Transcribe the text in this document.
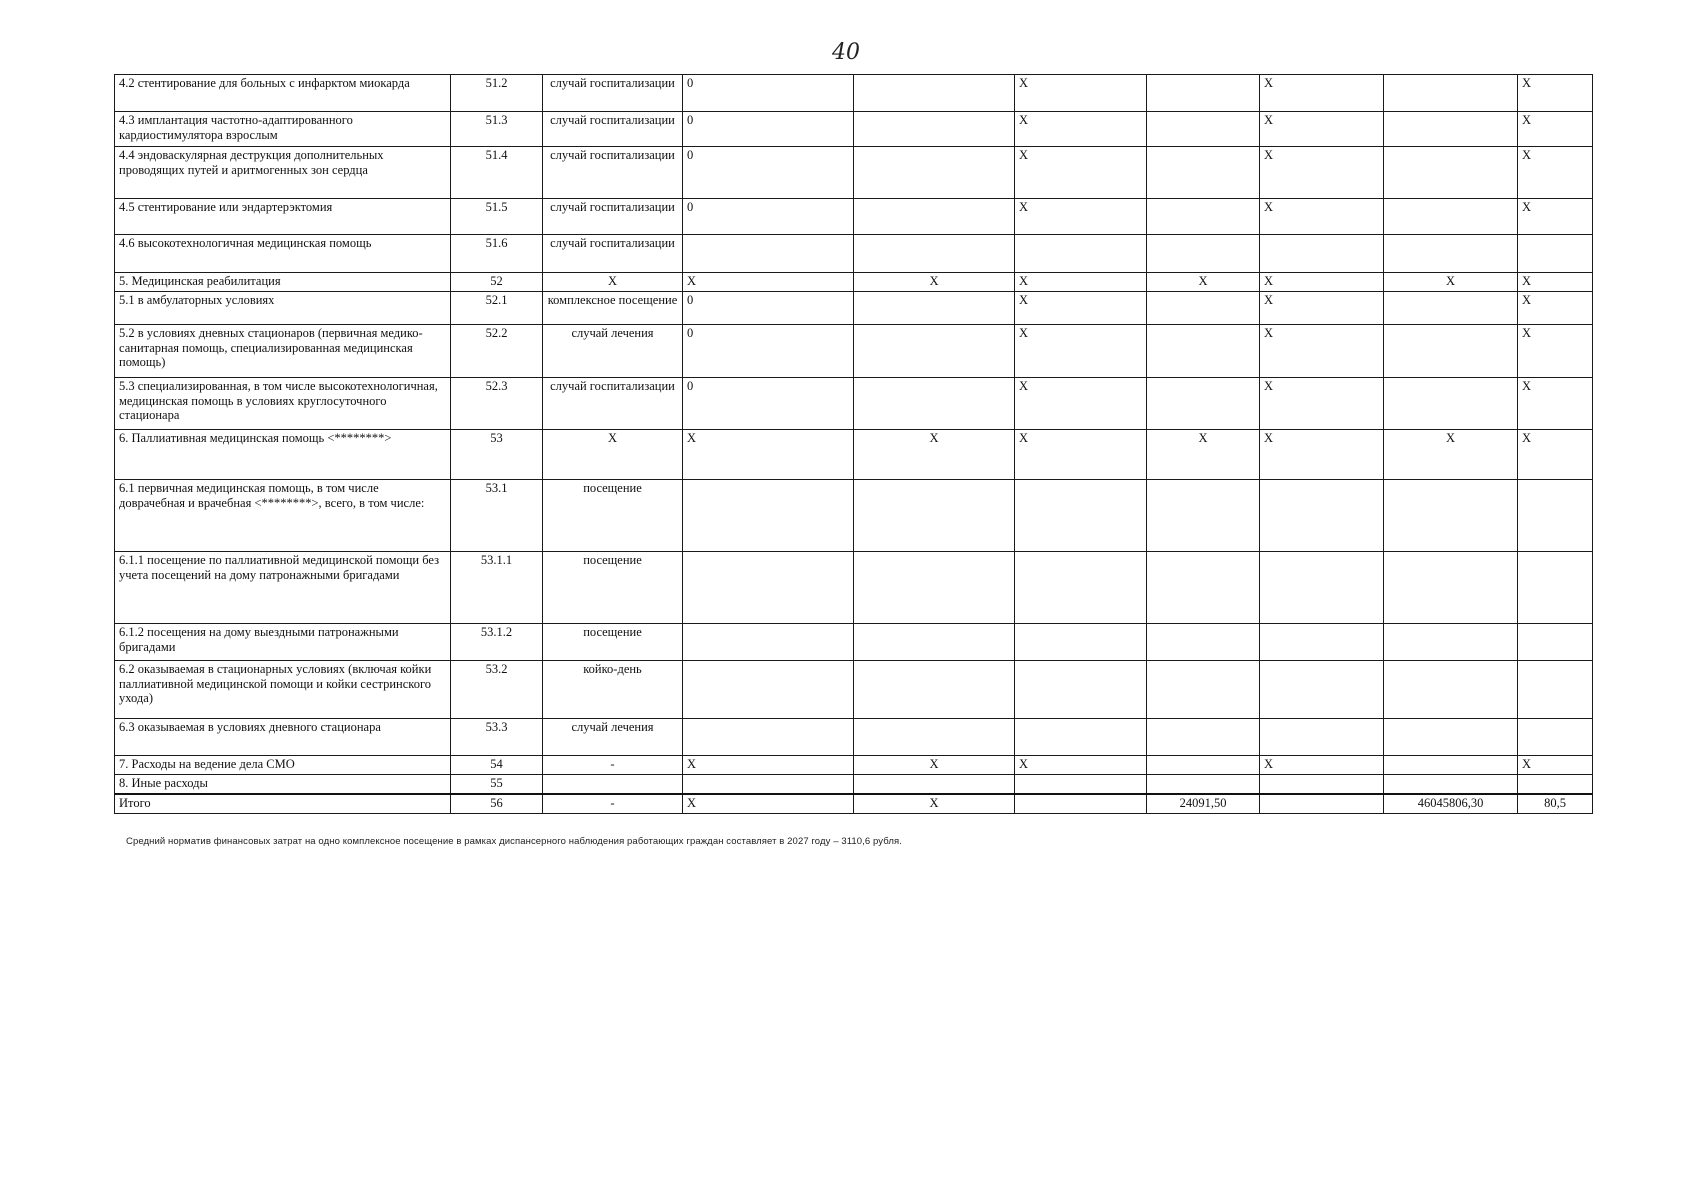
40
4.2 стентирование для больных с инфарктом миокарда	51.2	случай госпитализации	0		X		X		X
4.3 имплантация частотно-адаптированного кардиостимулятора взрослым	51.3	случай госпитализации	0		X		X		X
4.4 эндоваскулярная деструкция дополнительных проводящих путей и аритмогенных зон сердца	51.4	случай госпитализации	0		X		X		X
4.5 стентирование или эндартерэктомия	51.5	случай госпитализации	0		X		X		X
4.6 высокотехнологичная медицинская помощь	51.6	случай госпитализации							
5. Медицинская реабилитация	52	X	X	X	X	X	X	X	X
5.1 в амбулаторных условиях	52.1	комплексное посещение	0		X		X		X
5.2 в условиях дневных стационаров (первичная медико-санитарная помощь, специализированная медицинская помощь)	52.2	случай лечения	0		X		X		X
5.3 специализированная, в том числе высокотехнологичная, медицинская помощь в условиях круглосуточного стационара	52.3	случай госпитализации	0		X		X		X
6. Паллиативная медицинская помощь <********>	53	X	X	X	X	X	X	X	X
6.1 первичная медицинская помощь, в том числе доврачебная и врачебная <********>, всего, в том числе:	53.1	посещение							
6.1.1 посещение по паллиативной медицинской помощи без учета посещений на дому патронажными бригадами	53.1.1	посещение							
6.1.2 посещения на дому выездными патронажными бригадами	53.1.2	посещение							
6.2 оказываемая в стационарных условиях (включая койки паллиативной медицинской помощи и койки сестринского ухода)	53.2	койко-день							
6.3 оказываемая в условиях дневного стационара	53.3	случай лечения							
7. Расходы на ведение дела СМО	54	-	X	X	X		X		X
8. Иные расходы	55								
Итого	56	-	X	X		24091,50		46045806,30	80,5
Средний норматив финансовых затрат на одно комплексное посещение в рамках диспансерного наблюдения работающих граждан составляет в 2027 году – 3110,6 рубля.
